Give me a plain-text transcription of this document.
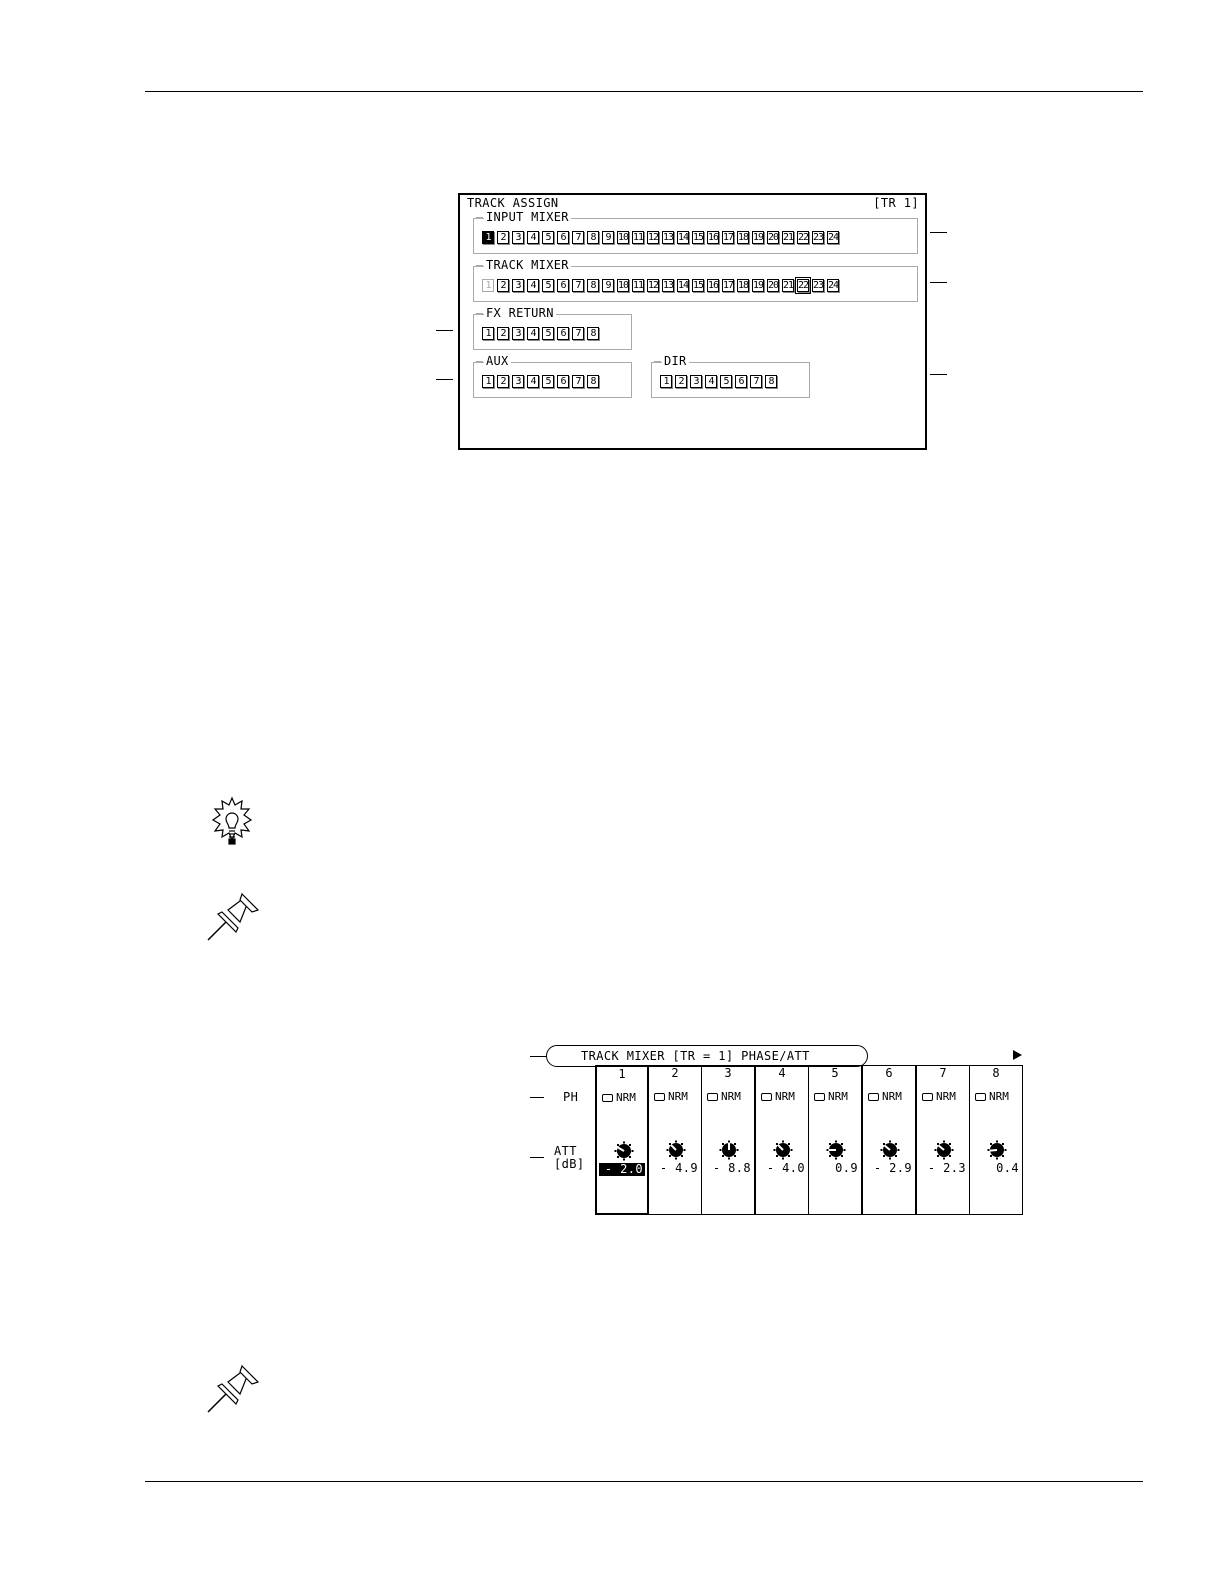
TRACK ASSIGN	[TR 1]
INPUT MIXER
1 2 3 4 5 6 7 8 9 10 11 12 13 14 15 16 17 18 19 20 21 22 23 24
TRACK MIXER
1 2 3 4 5 6 7 8 9 10 11 12 13 14 15 16 17 18 19 20 21 22 23 24
FX RETURN
1 2 3 4 5 6 7 8
AUX
1 2 3 4 5 6 7 8
DIR
1 2 3 4 5 6 7 8
TRACK MIXER [TR = 1] PHASE/ATT
PH
ATT
[dB]
1
NRM
- 2.0
2
NRM
- 4.9
3
NRM
- 8.8
4
NRM
- 4.0
5
NRM
0.9
6
NRM
- 2.9
7
NRM
- 2.3
8
NRM
0.4
